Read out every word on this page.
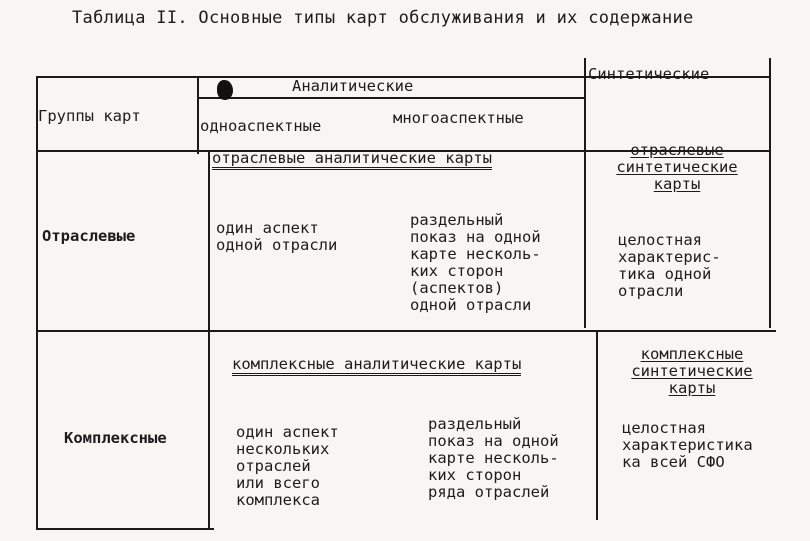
Таблица II. Основные типы карт обслуживания и их содержание
Группы карт
Аналитические
Синтетические
одноаспектные	многоаспектные
Отраслевые
отраслевые аналитические карты
один аспект
одной отрасли
раздельный
показ на одной
карте несколь-
ких сторон
(аспектов)
одной отрасли
отраслевые
синтетические
карты
целостная
характерис-
тика одной
отрасли
Комплексные
комплексные аналитические карты
один аспект
нескольких
отраслей
или всего
комплекса
раздельный
показ на одной
карте несколь-
ких сторон
ряда отраслей
комплексные
синтетические
карты
целостная
характеристика
ка всей СФО
